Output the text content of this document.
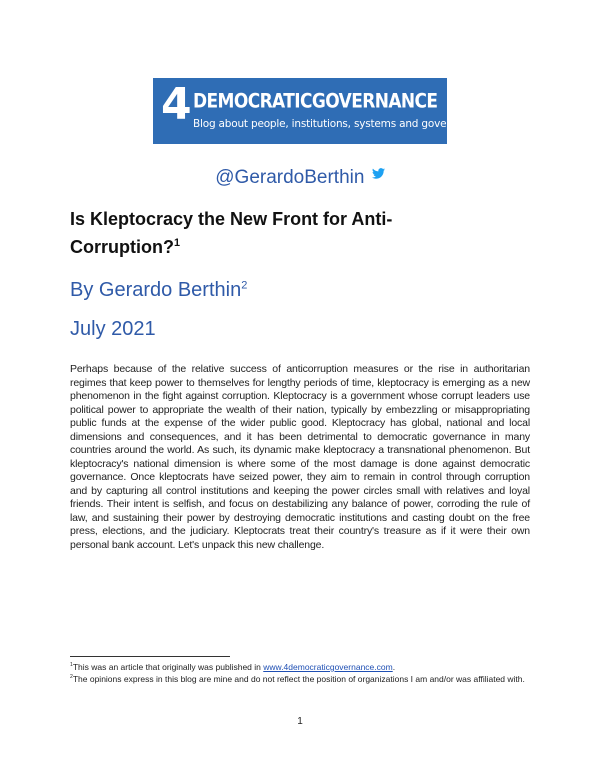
4 DEMOCRATICGOVERNANCE
Blog about people, institutions, systems and governance
@GerardoBerthin
Is Kleptocracy the New Front for Anti-Corruption?$^1$
By Gerardo Berthin$^2$
July 2021

Perhaps because of the relative success of anticorruption measures or the rise in authoritarian regimes that keep power to themselves for lengthy periods of time, kleptocracy is emerging as a new phenomenon in the fight against corruption. Kleptocracy is a government whose corrupt leaders use political power to appropriate the wealth of their nation, typically by embezzling or misappropriating public funds at the expense of the wider public good. Kleptocracy has global, national and local dimensions and consequences, and it has been detrimental to democratic governance in many countries around the world. As such, its dynamic make kleptocracy a transnational phenomenon. But kleptocracy's national dimension is where some of the most damage is done against democratic governance. Once kleptocrats have seized power, they aim to remain in control through corruption and by capturing all control institutions and keeping the power circles small with relatives and loyal friends. Their intent is selfish, and focus on destabilizing any balance of power, corroding the rule of law, and sustaining their power by destroying democratic institutions and casting doubt on the free press, elections, and the judiciary. Kleptocrats treat their country's treasure as if it were their own personal bank account. Let's unpack this new challenge.

$^1$This was an article that originally was published in www.4democraticgovernance.com.

$^2$The opinions express in this blog are mine and do not reflect the position of organizations I am and/or was affiliated with.

1
